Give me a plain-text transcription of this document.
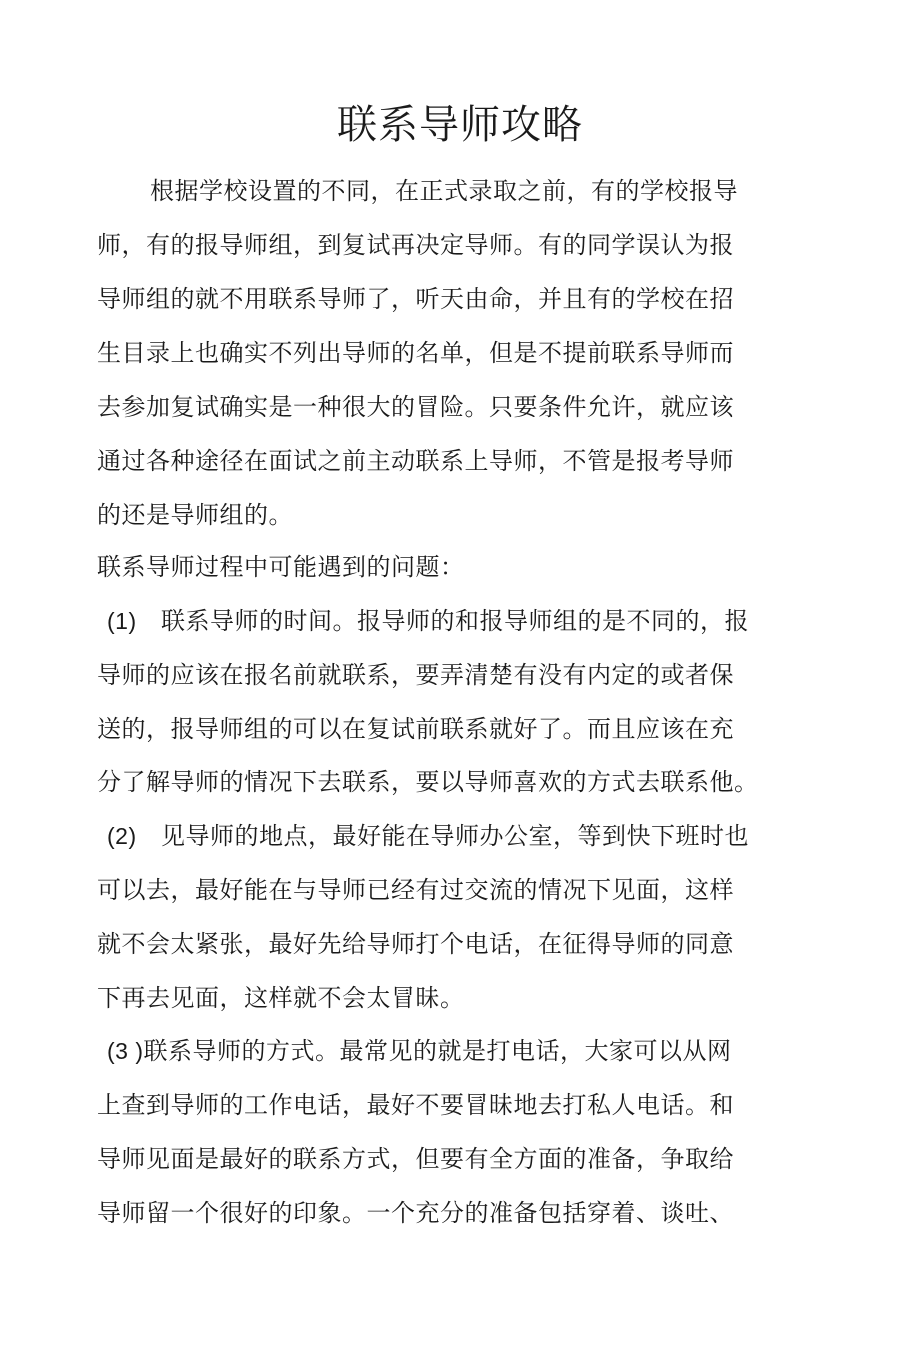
联系导师攻略

根据学校设置的不同，在正式录取之前，有的学校报导

师，有的报导师组，到复试再决定导师。有的同学误认为报

导师组的就不用联系导师了，听天由命，并且有的学校在招

生目录上也确实不列出导师的名单，但是不提前联系导师而

去参加复试确实是一种很大的冒险。只要条件允许，就应该

通过各种途径在面试之前主动联系上导师，不管是报考导师

的还是导师组的。

联系导师过程中可能遇到的问题：

(1) 联系导师的时间。报导师的和报导师组的是不同的，报

导师的应该在报名前就联系，要弄清楚有没有内定的或者保

送的，报导师组的可以在复试前联系就好了。而且应该在充

分了解导师的情况下去联系，要以导师喜欢的方式去联系他。

(2) 见导师的地点，最好能在导师办公室，等到快下班时也

可以去，最好能在与导师已经有过交流的情况下见面，这样

就不会太紧张，最好先给导师打个电话，在征得导师的同意

下再去见面，这样就不会太冒昧。

(3 )联系导师的方式。最常见的就是打电话，大家可以从网

上查到导师的工作电话，最好不要冒昧地去打私人电话。和

导师见面是最好的联系方式，但要有全方面的准备，争取给

导师留一个很好的印象。一个充分的准备包括穿着、谈吐、
